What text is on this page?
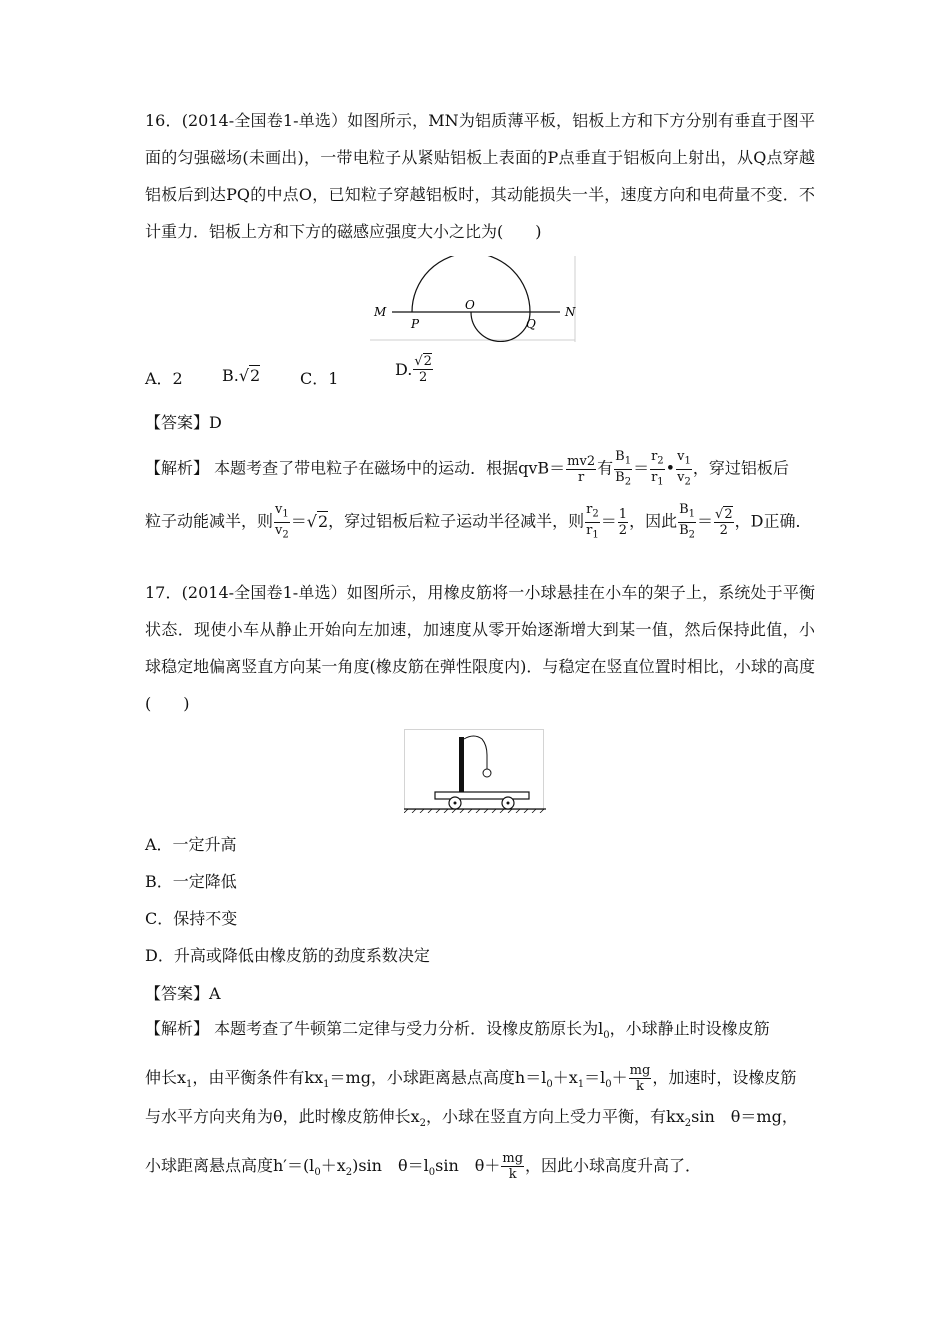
16．(2014-全国卷1-单选）如图所示，MN为铝质薄平板，铝板上方和下方分别有垂直于图平面的匀强磁场(未画出)，一带电粒子从紧贴铝板上表面的P点垂直于铝板向上射出，从Q点穿越铝板后到达PQ的中点O，已知粒子穿越铝板时，其动能损失一半，速度方向和电荷量不变．不计重力．铝板上方和下方的磁感应强度大小之比为(　　)
M	N
O
P	Q
A．2 B.√2 C．1	D. $\frac{√2}{2}$
【答案】D
【解析】 本题考查了带电粒子在磁场中的运动．根据$qvB= \frac{mv2}{r}$ 有 $\frac{B_1}{B_2} = \frac{r_2}{r_1}$ • $\frac{v_1}{v_2}$ ，穿过铝板后
粒子动能减半，则 $\frac{v_1}{v_2} =√2$，穿过铝板后粒子运动半径减半，则 $\frac{r_2}{r_1} = \frac{1}{2}$ ，因此 $\frac{B_1}{B_2} = \frac{√2}{2}$ ，D正确．
17．(2014-全国卷1-单选）如图所示，用橡皮筋将一小球悬挂在小车的架子上，系统处于平衡状态．现使小车从静止开始向左加速，加速度从零开始逐渐增大到某一值，然后保持此值，小球稳定地偏离竖直方向某一角度(橡皮筋在弹性限度内)．与稳定在竖直位置时相比，小球的高度(　　)
A．一定升高
B．一定降低
C．保持不变
D．升高或降低由橡皮筋的劲度系数决定
【答案】A
【解析】 本题考查了牛顿第二定律与受力分析．设橡皮筋原长为$l_0$，小球静止时设橡皮筋
伸长$x_1$，由平衡条件有$kx_1=mg$，小球距离悬点高度$h=l_0+x_1=l_0+ \frac{mg}{k}$ ，加速时，设橡皮筋
与水平方向夹角为θ，此时橡皮筋伸长$x_2$，小球在竖直方向上受力平衡，有$kx_2\sin$　θ＝mg，
小球距离悬点高度$h'=(l_0+x_2)\sin$　$\theta=l_0\sin$　$\theta+ \frac{mg}{k}$ ，因此小球高度升高了．
